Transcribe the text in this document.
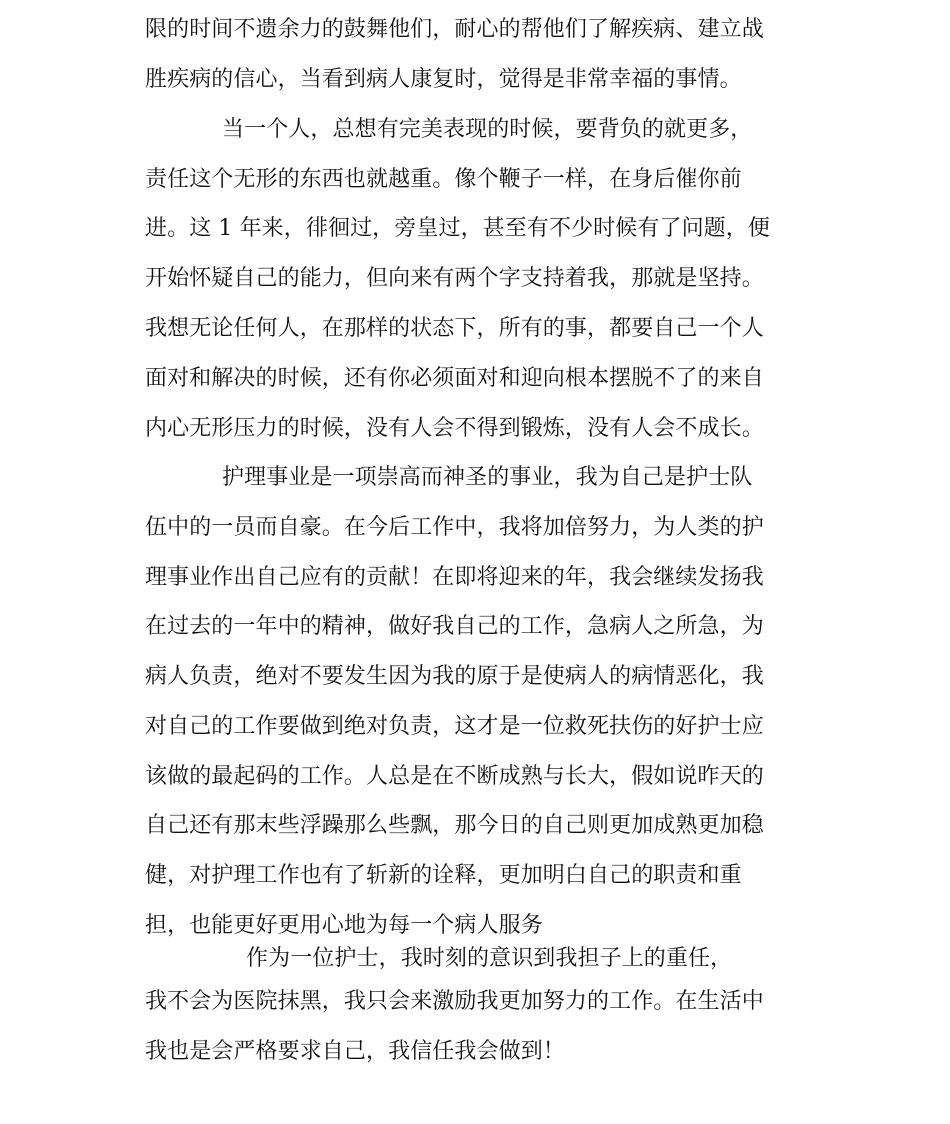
限的时间不遗余力的鼓舞他们，耐心的帮他们了解疾病、建立战
胜疾病的信心，当看到病人康复时，觉得是非常幸福的事情。
当一个人，总想有完美表现的时候，要背负的就更多，
责任这个无形的东西也就越重。像个鞭子一样，在身后催你前
进。这 1 年来，徘徊过，旁皇过，甚至有不少时候有了问题，便
开始怀疑自己的能力，但向来有两个字支持着我，那就是坚持。
我想无论任何人，在那样的状态下，所有的事，都要自己一个人
面对和解决的时候，还有你必须面对和迎向根本摆脱不了的来自
内心无形压力的时候，没有人会不得到锻炼，没有人会不成长。
护理事业是一项崇高而神圣的事业，我为自己是护士队
伍中的一员而自豪。在今后工作中，我将加倍努力，为人类的护
理事业作出自己应有的贡献！在即将迎来的年，我会继续发扬我
在过去的一年中的精神，做好我自己的工作，急病人之所急，为
病人负责，绝对不要发生因为我的原于是使病人的病情恶化，我
对自己的工作要做到绝对负责，这才是一位救死扶伤的好护士应
该做的最起码的工作。人总是在不断成熟与长大，假如说昨天的
自己还有那末些浮躁那么些飘，那今日的自己则更加成熟更加稳
健，对护理工作也有了斩新的诠释，更加明白自己的职责和重
担，也能更好更用心地为每一个病人服务
作为一位护士，我时刻的意识到我担子上的重任，
我不会为医院抹黑，我只会来激励我更加努力的工作。在生活中
我也是会严格要求自己，我信任我会做到！
